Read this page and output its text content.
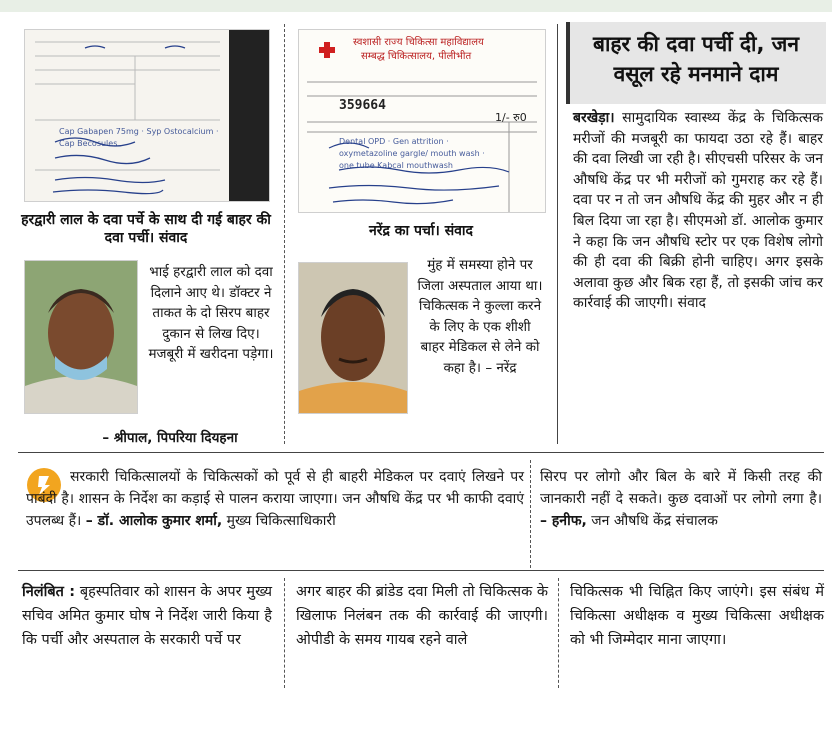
Cap Gabapen 75mg · Syp Ostocalcium · Cap Becosules
हरद्वारी लाल के दवा पर्चे के साथ दी गई बाहर की दवा पर्ची। संवाद
स्वशासी राज्य चिकित्सा महाविद्यालय
सम्बद्ध चिकित्सालय, पीलीभीत
359664
1/- रु0
Dental OPD · Gen attrition · oxymetazoline gargle/ mouth wash · one tube Kabcal mouthwash
नरेंद्र का पर्चा। संवाद
भाई हरद्वारी लाल को दवा दिलाने आए थे। डॉक्टर ने ताकत के दो सिरप बाहर दुकान से लिख दिए। मजबूरी में खरीदना पड़ेगा।
– श्रीपाल, पिपरिया दियहना
मुंह में समस्या होने पर जिला अस्पताल आया था। चिकित्सक ने कुल्ला करने के लिए के एक शीशी बाहर मेडिकल से लेने को कहा है। – नरेंद्र
बाहर की दवा पर्ची दी, जन वसूल रहे मनमाने दाम
बरखेड़ा। सामुदायिक स्वास्थ्य केंद्र के चिकित्सक मरीजों की मजबूरी का फायदा उठा रहे हैं। बाहर की दवा लिखी जा रही है। सीएचसी परिसर के जन औषधि केंद्र पर भी मरीजों को गुमराह कर रहे हैं। दवा पर न तो जन औषधि केंद्र की मुहर और न ही बिल दिया जा रहा है। सीएमओ डॉ. आलोक कुमार ने कहा कि जन औषधि स्टोर पर एक विशेष लोगो की ही दवा की बिक्री होनी चाहिए। अगर इसके अलावा कुछ और बिक रहा हैं, तो इसकी जांच कर कार्रवाई की जाएगी। संवाद
सरकारी चिकित्सालयों के चिकित्सकों को पूर्व से ही बाहरी मेडिकल पर दवाएं लिखने पर पाबंदी है। शासन के निर्देश का कड़ाई से पालन कराया जाएगा। जन औषधि केंद्र पर भी काफी दवाएं उपलब्ध हैं। – डॉ. आलोक कुमार शर्मा, मुख्य चिकित्साधिकारी
सिरप पर लोगो और बिल के बारे में किसी तरह की जानकारी नहीं दे सकते। कुछ दवाओं पर लोगो लगा है। – हनीफ, जन औषधि केंद्र संचालक
निलंबित : बृहस्पतिवार को शासन के अपर मुख्य सचिव अमित कुमार घोष ने निर्देश जारी किया है कि पर्ची और अस्पताल के सरकारी पर्चे पर
अगर बाहर की ब्रांडेड दवा मिली तो चिकित्सक के खिलाफ निलंबन तक की कार्रवाई की जाएगी। ओपीडी के समय गायब रहने वाले
चिकित्सक भी चिह्नित किए जाएंगे। इस संबंध में चिकित्सा अधीक्षक व मुख्य चिकित्सा अधीक्षक को भी जिम्मेदार माना जाएगा।
